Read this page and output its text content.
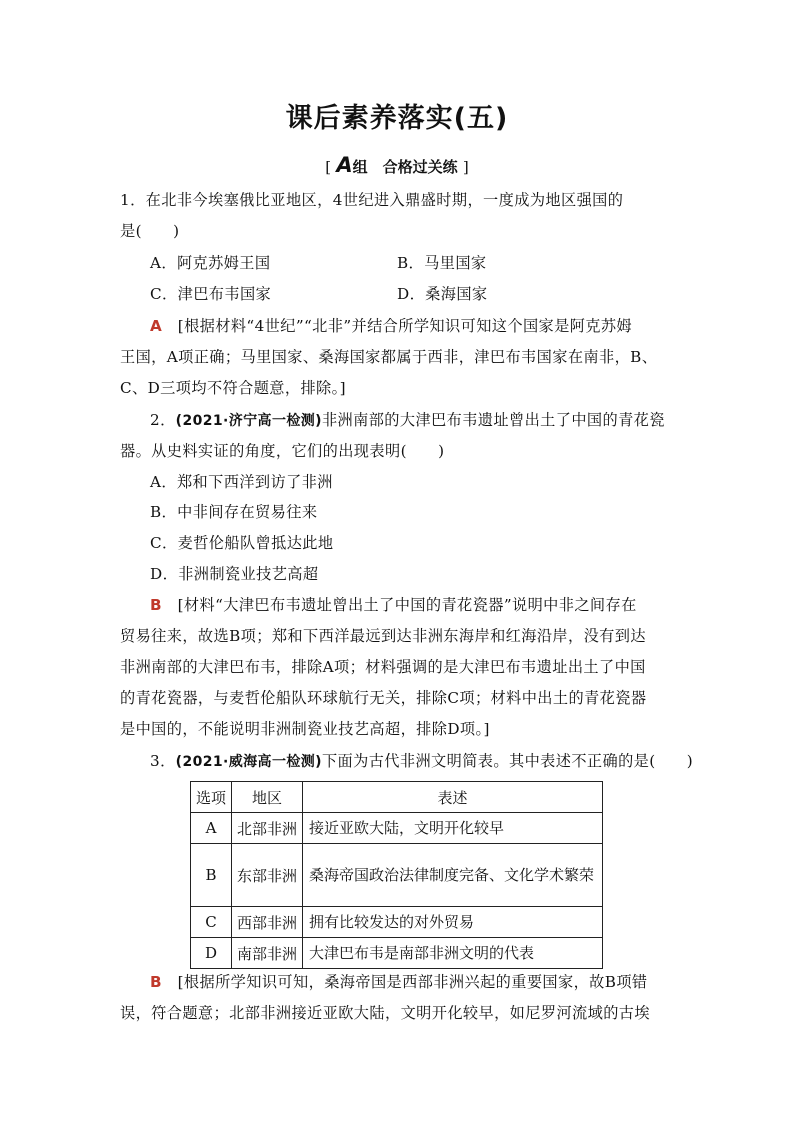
课后素养落实(五)
[ A组　合格过关练 ]
1．在北非今埃塞俄比亚地区，4世纪进入鼎盛时期，一度成为地区强国的
是(　　)
A．阿克苏姆王国	B．马里国家
C．津巴布韦国家	D．桑海国家
A　 [根据材料“4世纪”“北非”并结合所学知识可知这个国家是阿克苏姆
王国，A项正确；马里国家、桑海国家都属于西非，津巴布韦国家在南非，B、
C、D三项均不符合题意，排除。]
2．(2021·济宁高一检测)非洲南部的大津巴布韦遗址曾出土了中国的青花瓷
器。从史料实证的角度，它们的出现表明(　　)
A．郑和下西洋到访了非洲
B．中非间存在贸易往来
C．麦哲伦船队曾抵达此地
D．非洲制瓷业技艺高超
B　 [材料“大津巴布韦遗址曾出土了中国的青花瓷器”说明中非之间存在
贸易往来，故选B项；郑和下西洋最远到达非洲东海岸和红海沿岸，没有到达
非洲南部的大津巴布韦，排除A项；材料强调的是大津巴布韦遗址出土了中国
的青花瓷器，与麦哲伦船队环球航行无关，排除C项；材料中出土的青花瓷器
是中国的，不能说明非洲制瓷业技艺高超，排除D项。]
3．(2021·威海高一检测)下面为古代非洲文明简表。其中表述不正确的是(　　)
选项	地区	表述
A	北部非洲	接近亚欧大陆，文明开化较早
B	东部非洲	桑海帝国政治法律制度完备、文化学术繁荣
C	西部非洲	拥有比较发达的对外贸易
D	南部非洲	大津巴布韦是南部非洲文明的代表
B　 [根据所学知识可知，桑海帝国是西部非洲兴起的重要国家，故B项错
误，符合题意；北部非洲接近亚欧大陆，文明开化较早，如尼罗河流域的古埃
